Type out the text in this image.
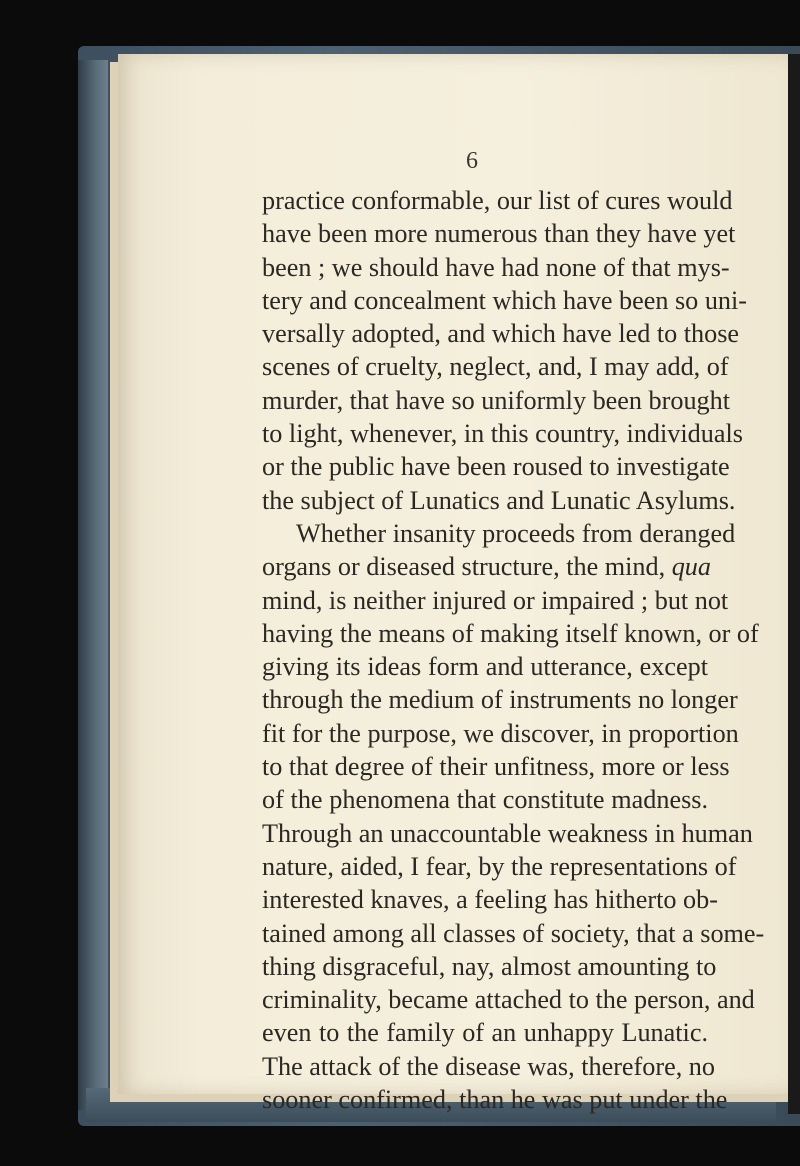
6
practice conformable, our list of cures would
have been more numerous than they have yet
been ; we should have had none of that mys-
tery and concealment which have been so uni-
versally adopted, and which have led to those
scenes of cruelty, neglect, and, I may add, of
murder, that have so uniformly been brought
to light, whenever, in this country, individuals
or the public have been roused to investigate
the subject of Lunatics and Lunatic Asylums.
Whether insanity proceeds from deranged
organs or diseased structure, the mind, qua
mind, is neither injured or impaired ; but not
having the means of making itself known, or of
giving its ideas form and utterance, except
through the medium of instruments no longer
fit for the purpose, we discover, in proportion
to that degree of their unfitness, more or less
of the phenomena that constitute madness.
Through an unaccountable weakness in human
nature, aided, I fear, by the representations of
interested knaves, a feeling has hitherto ob-
tained among all classes of society, that a some-
thing disgraceful, nay, almost amounting to
criminality, became attached to the person, and
even to the family of an unhappy Lunatic.
The attack of the disease was, therefore, no
sooner confirmed, than he was put under the
